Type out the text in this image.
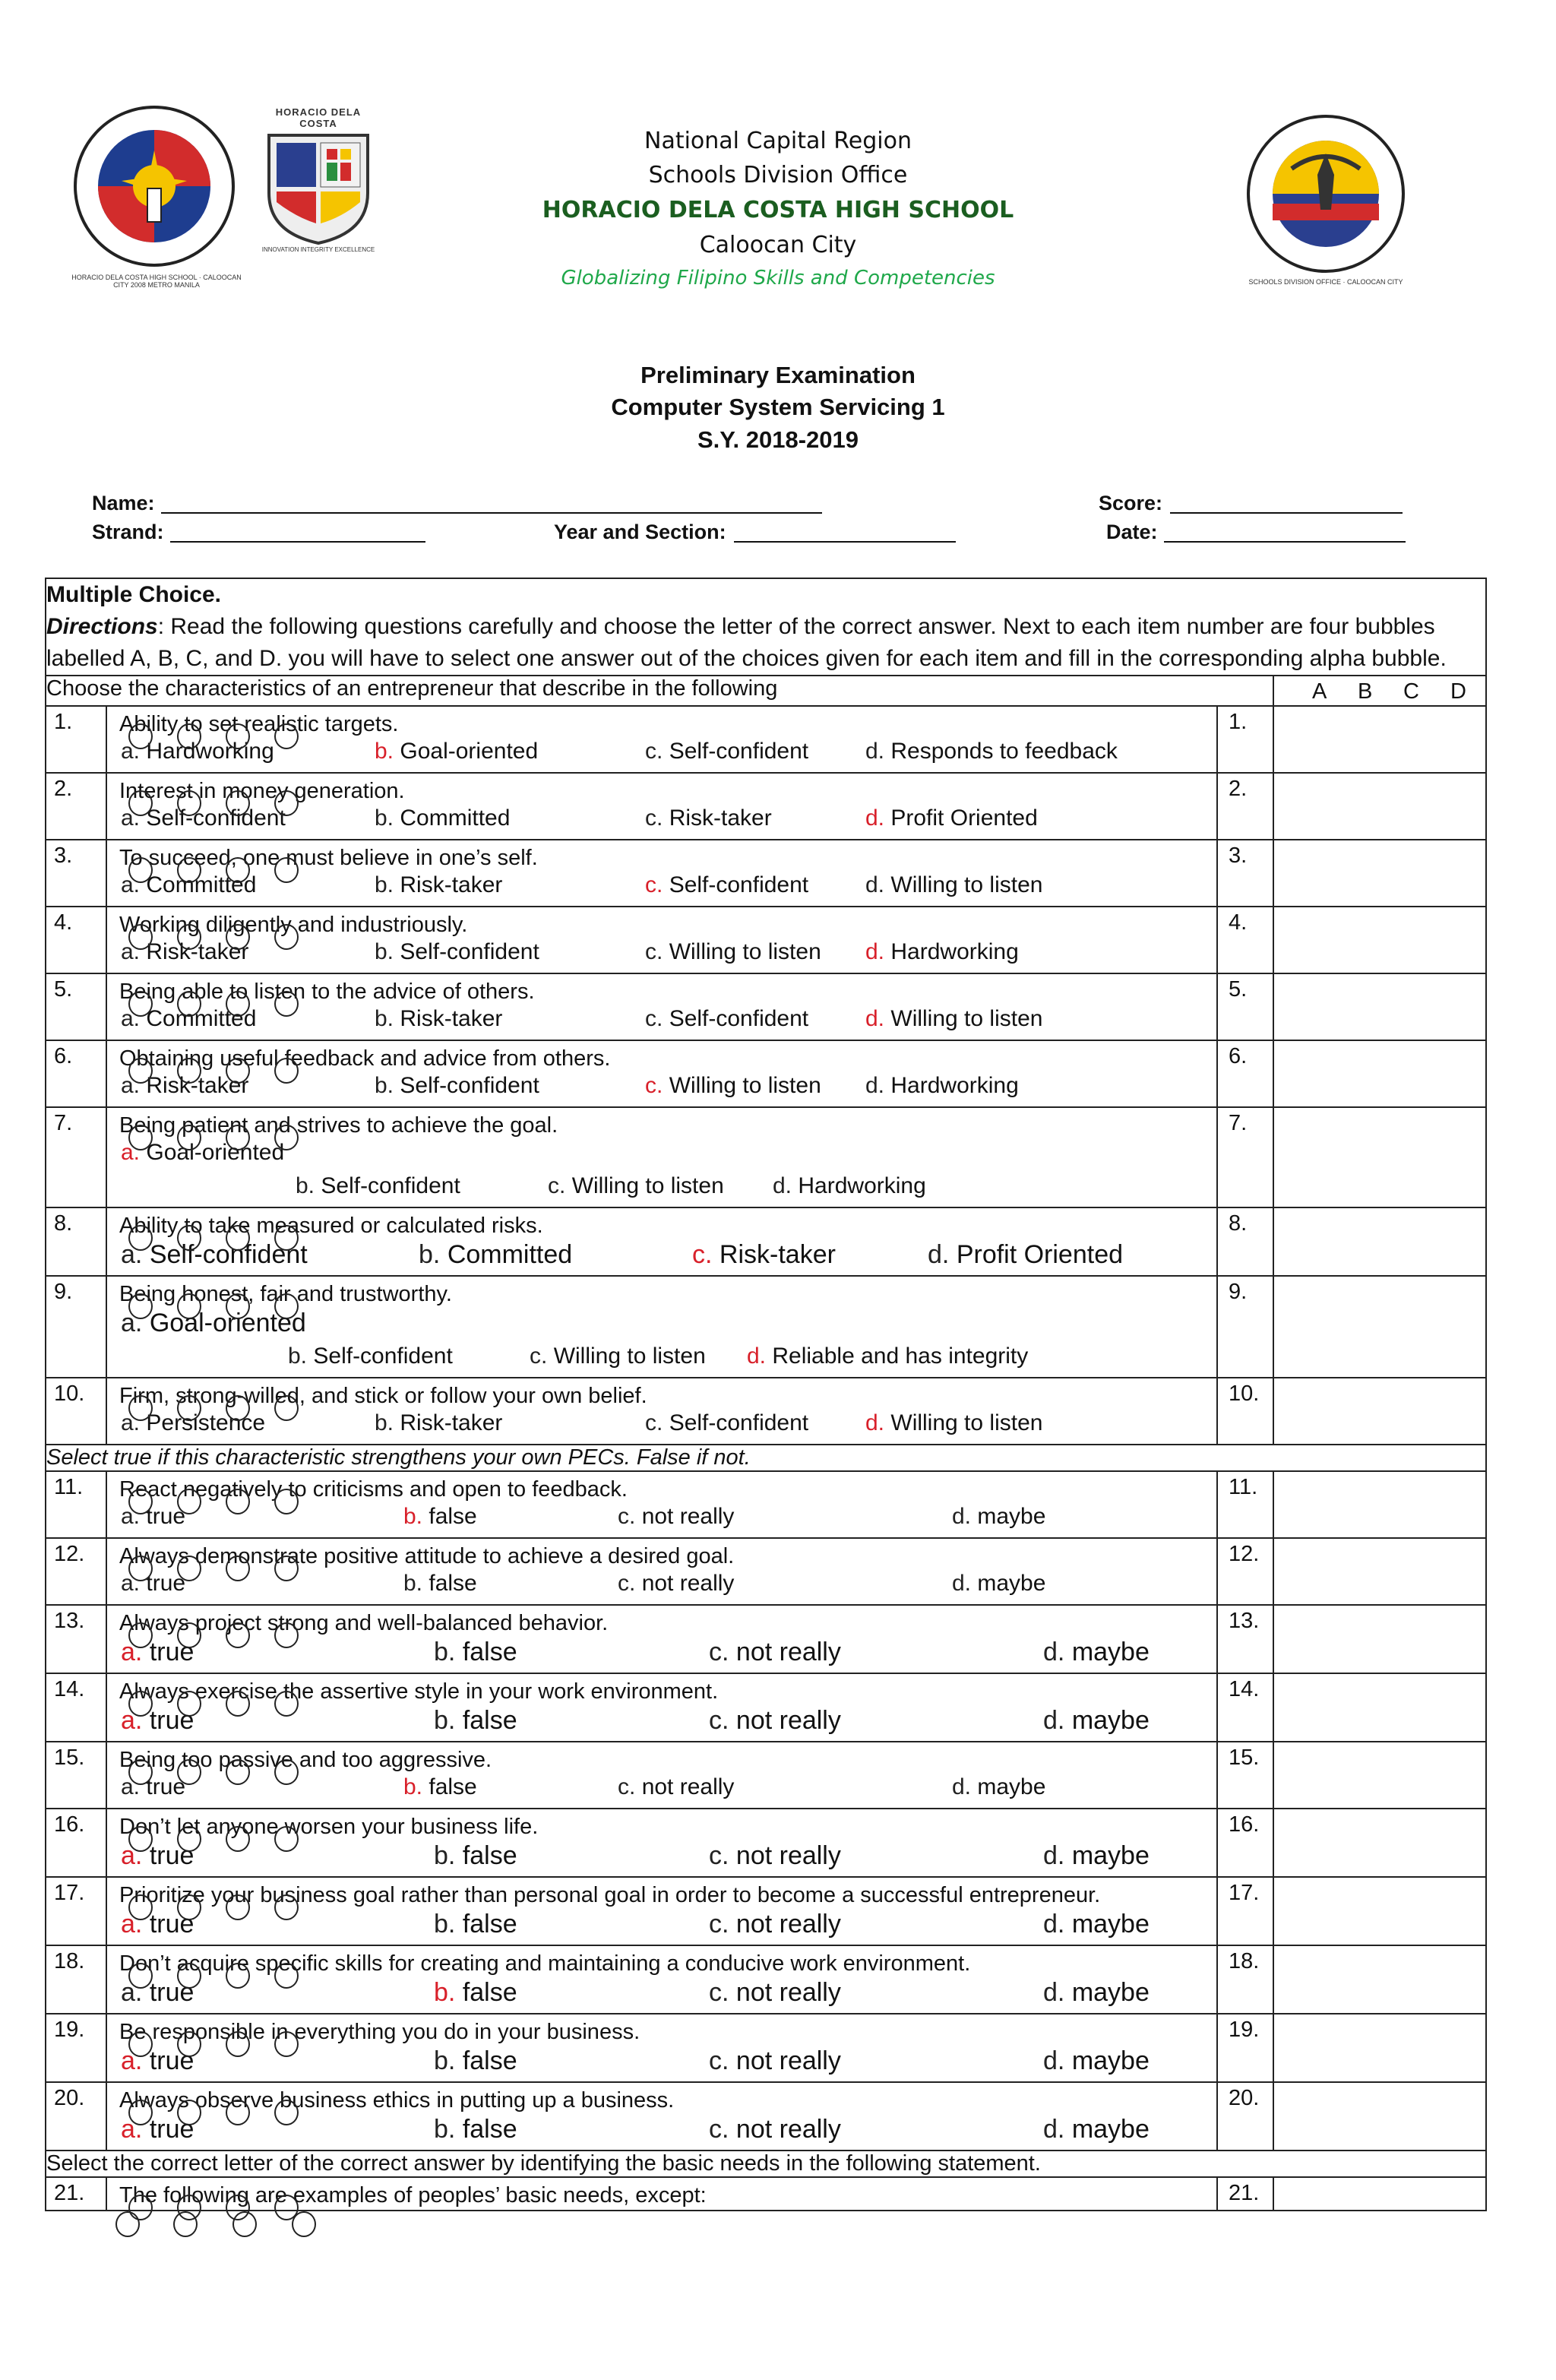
HORACIO DELA COSTA HIGH SCHOOL · CALOOCAN CITY 2008 METRO MANILA
HORACIO DELA COSTA
INNOVATION INTEGRITY EXCELLENCE
SCHOOLS DIVISION OFFICE · CALOOCAN CITY
National Capital Region
Schools Division Office
HORACIO DELA COSTA HIGH SCHOOL
Caloocan City
Globalizing Filipino Skills and Competencies
Preliminary Examination
Computer System Servicing 1
S.Y. 2018-2019
Name:	Score:
Strand:	Year and Section:	Date:
Multiple Choice.
Directions: Read the following questions carefully and choose the letter of the correct answer. Next to each item number are four bubbles labelled A, B, C, and D. you will have to select one answer out of the choices given for each item and fill in the corresponding alpha bubble.			

Choose the characteristics of an entrepreneur that describe in the following			A B C D

1.	Ability to set realistic targets.
a. Hardworking b. Goal-oriented c. Self-confident d. Responds to feedback	1.	
2.	Interest in money generation.
a. Self-confident b. Committed c. Risk-taker d. Profit Oriented	2.	
3.	To succeed, one must believe in one’s self.
a. Committed b. Risk-taker c. Self-confident d. Willing to listen	3.	
4.	Working diligently and industriously.
a. Risk-taker b. Self-confident c. Willing to listen d. Hardworking	4.	
5.	Being able to listen to the advice of others.
a. Committed b. Risk-taker c. Self-confident d. Willing to listen	5.	
6.	Obtaining useful feedback and advice from others.
a. Risk-taker b. Self-confident c. Willing to listen d. Hardworking	6.	
7.	Being patient and strives to achieve the goal.
a. Goal-oriented
b. Self-confident c. Willing to listen d. Hardworking	7.	
8.	Ability to take measured or calculated risks.
a. Self-confident b. Committed c. Risk-taker d. Profit Oriented	8.	
9.	Being honest, fair and trustworthy.
a. Goal-oriented
b. Self-confident c. Willing to listen d. Reliable and has integrity	9.	
10.	Firm, strong-willed, and stick or follow your own belief.
a. Persistence b. Risk-taker c. Self-confident d. Willing to listen	10.	
Select true if this characteristic strengthens your own PECs. False if not.			
11.	React negatively to criticisms and open to feedback.
a. true b. false c. not really d. maybe	11.	
12.	Always demonstrate positive attitude to achieve a desired goal.
a. true b. false c. not really d. maybe	12.	
13.	Always project strong and well-balanced behavior.
a. true b. false c. not really d. maybe	13.	
14.	Always exercise the assertive style in your work environment.
a. true b. false c. not really d. maybe	14.	
15.	Being too passive and too aggressive.
a. true b. false c. not really d. maybe	15.	
16.	Don’t let anyone worsen your business life.
a. true b. false c. not really d. maybe	16.	
17.	Prioritize your business goal rather than personal goal in order to become a successful entrepreneur.
a. true b. false c. not really d. maybe	17.	
18.	Don’t acquire specific skills for creating and maintaining a conducive work environment.
a. true b. false c. not really d. maybe	18.	
19.	Be responsible in everything you do in your business.
a. true b. false c. not really d. maybe	19.	
20.	Always observe business ethics in putting up a business.
a. true b. false c. not really d. maybe	20.	
Select the correct letter of the correct answer by identifying the basic needs in the following statement.			
21.	The following are examples of peoples’ basic needs, except:	21.	
